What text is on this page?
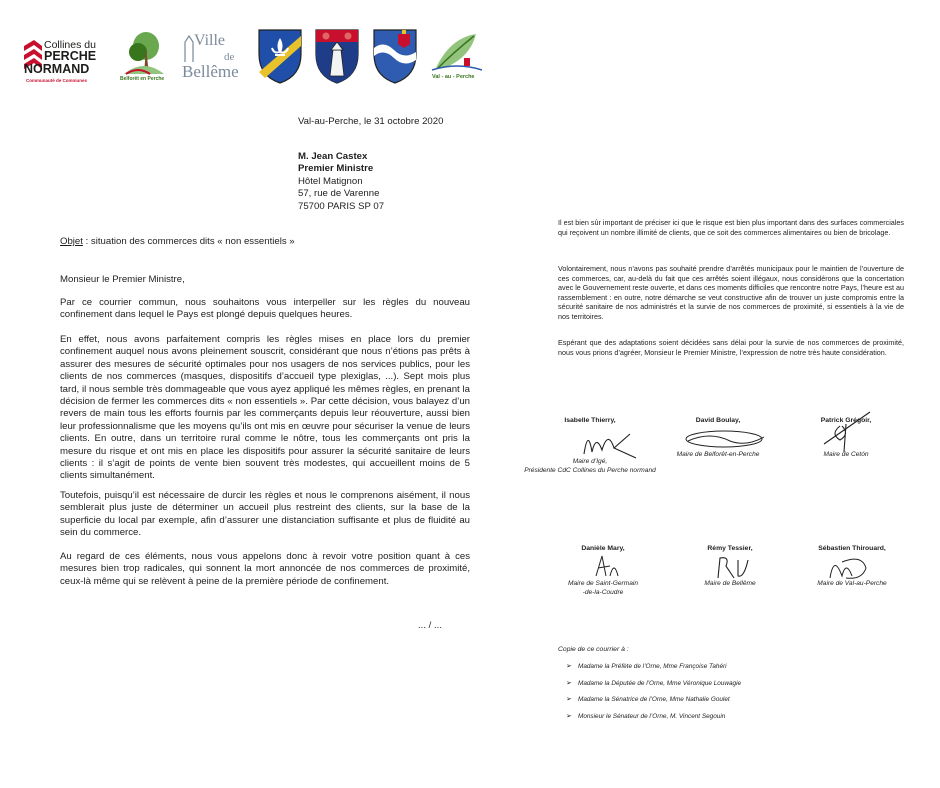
Collines du
PERCHE
NORMAND
Communauté de Communes	Belforêt en Perche
Ville
de
Bellême	Val - au - Perche
Val-au-Perche, le 31 octobre 2020
M. Jean Castex
Premier Ministre
Hôtel Matignon
57, rue de Varenne
75700 PARIS SP 07
Objet : situation des commerces dits « non essentiels »
Monsieur le Premier Ministre,

Par ce courrier commun, nous souhaitons vous interpeller sur les règles du nouveau confinement dans lequel le Pays est plongé depuis quelques heures.

En effet, nous avons parfaitement compris les règles mises en place lors du premier confinement auquel nous avons pleinement souscrit, considérant que nous n’étions pas prêts à assurer des mesures de sécurité optimales pour nos usagers de nos services publics, pour les clients de nos commerces (masques, dispositifs d’accueil type plexiglas, ...). Sept mois plus tard, il nous semble très dommageable que vous ayez appliqué les mêmes règles, en prenant la décision de fermer les commerces dits « non essentiels ». Par cette décision, vous balayez d’un revers de main tous les efforts fournis par les commerçants depuis leur réouverture, aussi bien leur professionnalisme que les moyens qu’ils ont mis en œuvre pour sécuriser la venue de leurs clients. En outre, dans un territoire rural comme le nôtre, tous les commerçants ont pris la mesure du risque et ont mis en place les dispositifs pour assurer la sécurité sanitaire de leurs clients : il s’agit de points de vente bien souvent très modestes, qui accueillent moins de 5 clients simultanément.

Toutefois, puisqu’il est nécessaire de durcir les règles et nous le comprenons aisément, il nous semblerait plus juste de déterminer un accueil plus restreint des clients, sur la base de la superficie du local par exemple, afin d’assurer une distanciation suffisante et plus de fluidité au sein du commerce.

Au regard de ces éléments, nous vous appelons donc à revoir votre position quant à ces mesures bien trop radicales, qui sonnent la mort annoncée de nos commerces de proximité, ceux-là même qui se relèvent à peine de la première période de confinement.

... / ...

Il est bien sûr important de préciser ici que le risque est bien plus important dans des surfaces commerciales qui reçoivent un nombre illimité de clients, que ce soit des commerces alimentaires ou bien de bricolage.

Volontairement, nous n’avons pas souhaité prendre d’arrêtés municipaux pour le maintien de l’ouverture de ces commerces, car, au-delà du fait que ces arrêtés soient illégaux, nous considérons que la concertation avec le Gouvernement reste ouverte, et dans ces moments difficiles que rencontre notre Pays, l’heure est au rassemblement : en outre, notre démarche se veut constructive afin de trouver un juste compromis entre la sécurité sanitaire de nos administrés et la survie de nos commerces de proximité, si essentiels à la vie de nos territoires.

Espérant que des adaptations soient décidées sans délai pour la survie de nos commerces de proximité, nous vous prions d’agréer, Monsieur le Premier Ministre, l’expression de notre très haute considération.

Isabelle Thierry,
Maire d’Igé,
Présidente CdC Collines du Perche normand
David Boulay,
Maire de Belforêt-en-Perche
Patrick Grégoir,
Maire de Cetón
Danièle Mary,
Maire de Saint-Germain
-de-la-Coudre
Rémy Tessier,
Maire de Bellême
Sébastien Thirouard,
Maire de Val-au-Perche
Copie de ce courrier à :
➢ Madame la Préfète de l’Orne, Mme Françoise Tahéri
➢ Madame la Députée de l’Orne, Mme Véronique Louwagie
➢ Madame la Sénatrice de l’Orne, Mme Nathalie Goulet
➢ Monsieur le Sénateur de l’Orne, M. Vincent Segouin
